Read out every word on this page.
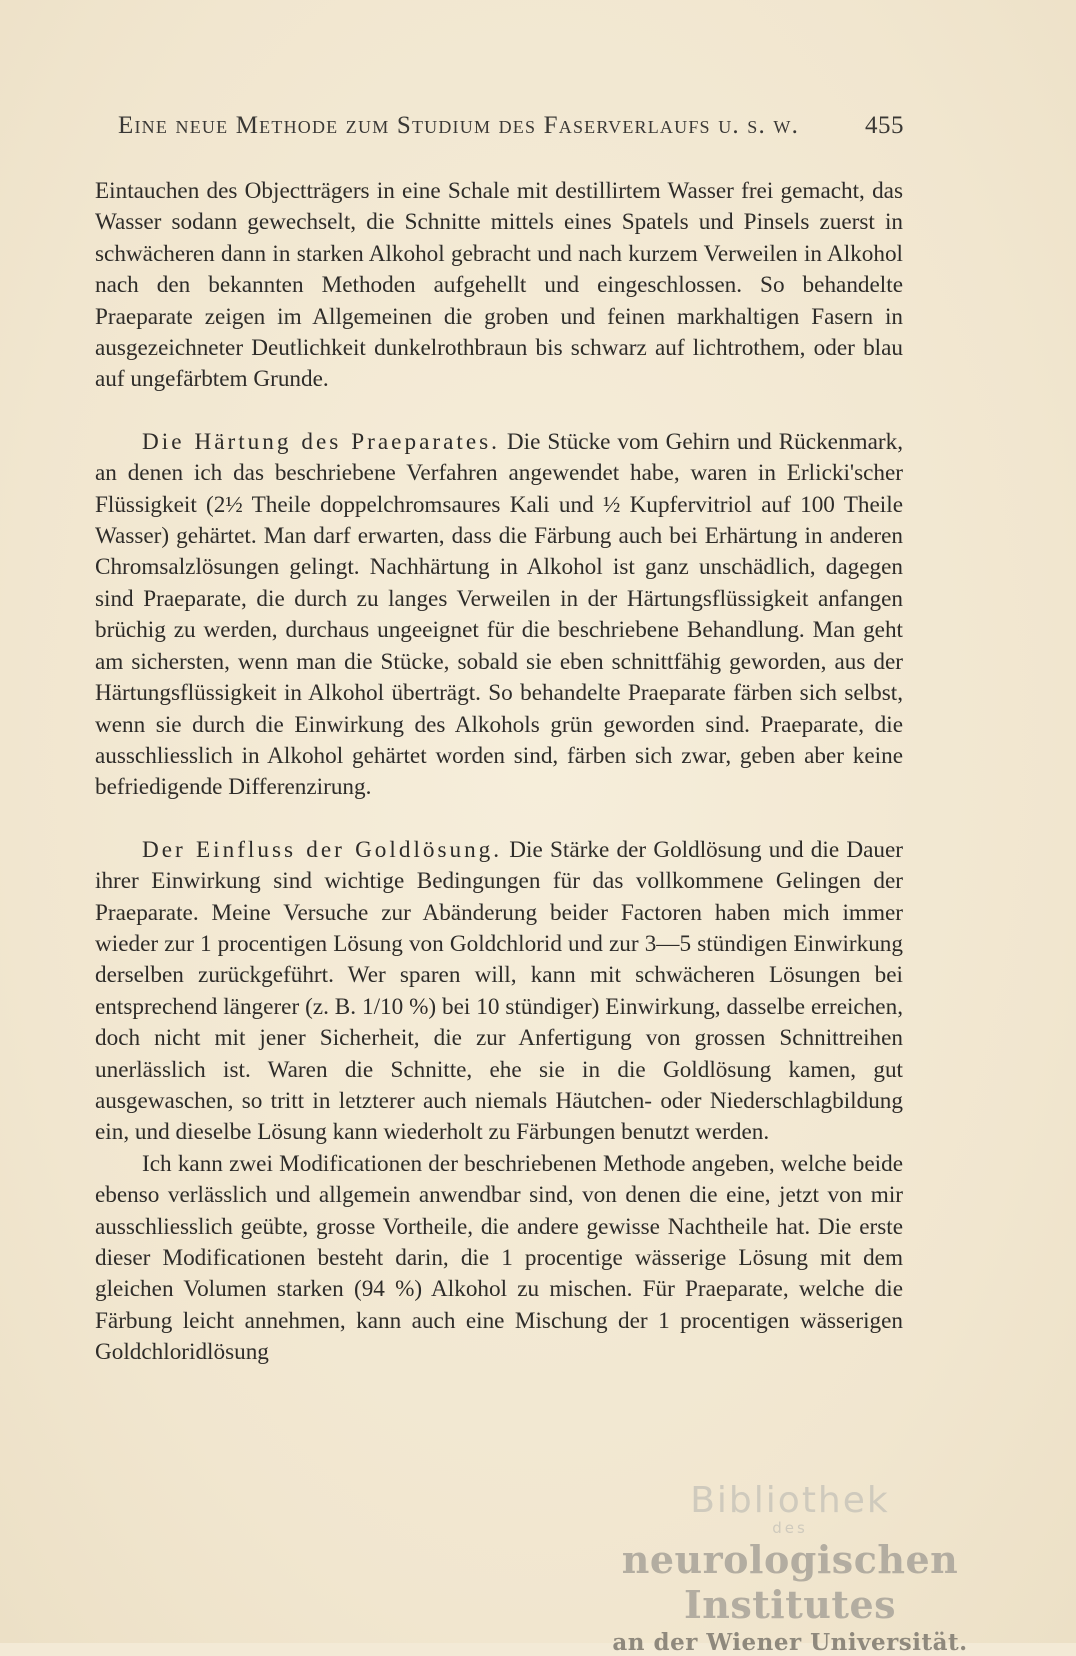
Eine neue Methode zum Studium des Faserverlaufs u. s. w.	455

Eintauchen des Objectträgers in eine Schale mit destillirtem Wasser frei gemacht, das Wasser sodann gewechselt, die Schnitte mittels eines Spatels und Pinsels zuerst in schwächeren dann in starken Alkohol gebracht und nach kurzem Verweilen in Alkohol nach den bekannten Methoden aufgehellt und eingeschlossen. So behandelte Praeparate zeigen im Allgemeinen die groben und feinen markhaltigen Fasern in ausgezeichneter Deutlichkeit dunkelrothbraun bis schwarz auf lichtrothem, oder blau auf ungefärbtem Grunde.

Die Härtung des Praeparates. Die Stücke vom Gehirn und Rückenmark, an denen ich das beschriebene Verfahren angewendet habe, waren in Erlicki'scher Flüssigkeit (2½ Theile doppelchromsaures Kali und ½ Kupfervitriol auf 100 Theile Wasser) gehärtet. Man darf erwarten, dass die Färbung auch bei Erhärtung in anderen Chromsalzlösungen gelingt. Nachhärtung in Alkohol ist ganz unschädlich, dagegen sind Praeparate, die durch zu langes Verweilen in der Härtungsflüssigkeit anfangen brüchig zu werden, durchaus ungeeignet für die beschriebene Behandlung. Man geht am sichersten, wenn man die Stücke, sobald sie eben schnittfähig geworden, aus der Härtungsflüssigkeit in Alkohol überträgt. So behandelte Praeparate färben sich selbst, wenn sie durch die Einwirkung des Alkohols grün geworden sind. Praeparate, die ausschliesslich in Alkohol gehärtet worden sind, färben sich zwar, geben aber keine befriedigende Differenzirung.

Der Einfluss der Goldlösung. Die Stärke der Goldlösung und die Dauer ihrer Einwirkung sind wichtige Bedingungen für das vollkommene Gelingen der Praeparate. Meine Versuche zur Abänderung beider Factoren haben mich immer wieder zur 1 procentigen Lösung von Goldchlorid und zur 3—5 stündigen Einwirkung derselben zurückgeführt. Wer sparen will, kann mit schwächeren Lösungen bei entsprechend längerer (z. B. 1/10 %) bei 10 stündiger) Einwirkung, dasselbe erreichen, doch nicht mit jener Sicherheit, die zur Anfertigung von grossen Schnittreihen unerlässlich ist. Waren die Schnitte, ehe sie in die Goldlösung kamen, gut ausgewaschen, so tritt in letzterer auch niemals Häutchen- oder Niederschlagbildung ein, und dieselbe Lösung kann wiederholt zu Färbungen benutzt werden.

Ich kann zwei Modificationen der beschriebenen Methode angeben, welche beide ebenso verlässlich und allgemein anwendbar sind, von denen die eine, jetzt von mir ausschliesslich geübte, grosse Vortheile, die andere gewisse Nachtheile hat. Die erste dieser Modificationen besteht darin, die 1 procentige wässerige Lösung mit dem gleichen Volumen starken (94 %) Alkohol zu mischen. Für Praeparate, welche die Färbung leicht annehmen, kann auch eine Mischung der 1 procentigen wässerigen Goldchloridlösung

Bibliothek
des
neurologischen Institutes
an der Wiener Universität.
